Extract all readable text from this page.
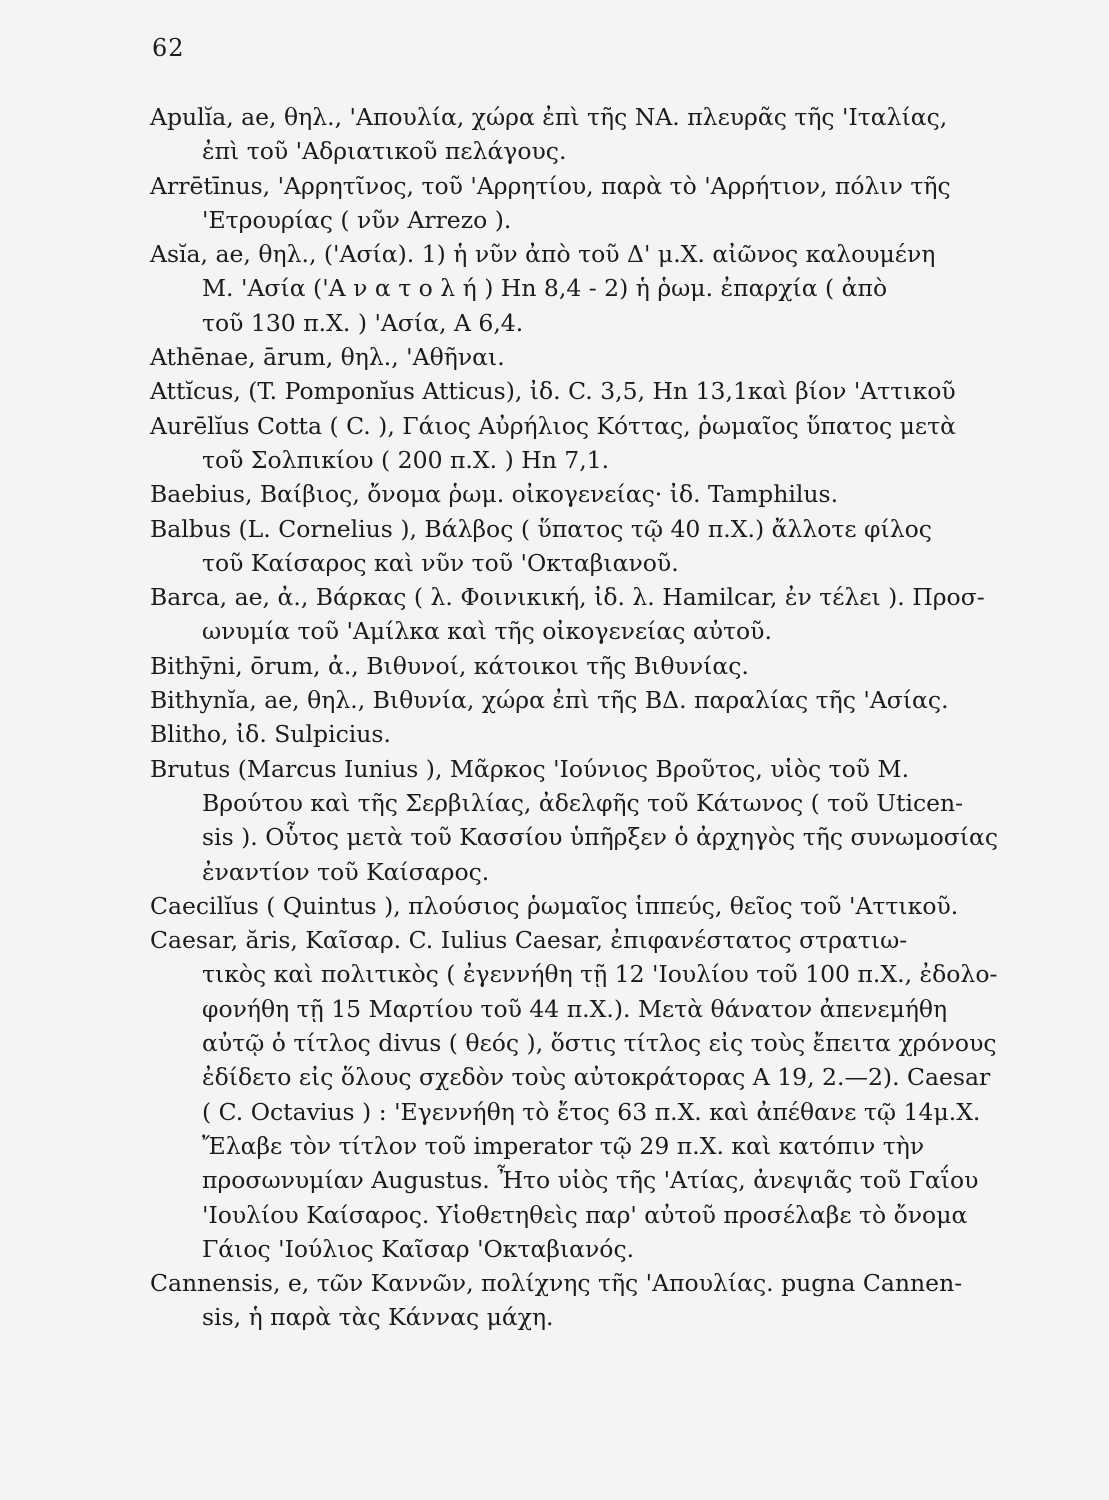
62
Apulĭa, ae, θηλ., 'Απουλία, χώρα ἐπὶ τῆς ΝΑ. πλευρᾶς τῆς 'Ιταλίας,
ἐπὶ τοῦ 'Αδριατικοῦ πελάγους.
Arrētīnus, 'Αρρητῖνος, τοῦ 'Αρρητίου, παρὰ τὸ 'Αρρήτιον, πόλιν τῆς
'Ετρουρίας ( νῦν Arrezo ).
Asĭa, ae, θηλ., ('Ασία). 1) ἡ νῦν ἀπὸ τοῦ Δ' μ.Χ. αἰῶνος καλουμένη
Μ. 'Ασία ('Α ν α τ ο λ ή ) Hn 8,4 - 2) ἡ ῥωμ. ἐπαρχία ( ἀπὸ
τοῦ 130 π.Χ. ) 'Ασία, A 6,4.
Athēnae, ārum, θηλ., 'Αθῆναι.
Attĭcus, (T. Pomponĭus Atticus), ἰδ. C. 3,5, Hn 13,1καὶ βίον 'Αττικοῦ
Aurēlĭus Cotta ( C. ), Γάιος Αὐρήλιος Κόττας, ῥωμαῖος ὕπατος μετὰ
τοῦ Σολπικίου ( 200 π.Χ. ) Hn 7,1.
Baebius, Βαίβιος, ὄνομα ῥωμ. οἰκογενείας· ἰδ. Tamphilus.
Balbus (L. Cornelius ), Βάλβος ( ὕπατος τῷ 40 π.Χ.) ἄλλοτε φίλος
τοῦ Καίσαρος καὶ νῦν τοῦ 'Οκταβιανοῦ.
Barca, ae, ἀ., Βάρκας ( λ. Φοινικική, ἰδ. λ. Hamilcar, ἐν τέλει ). Προσ-
ωνυμία τοῦ 'Αμίλκα καὶ τῆς οἰκογενείας αὐτοῦ.
Bithȳni, ōrum, ἀ., Βιθυνοί, κάτοικοι τῆς Βιθυνίας.
Bithynĭa, ae, θηλ., Βιθυνία, χώρα ἐπὶ τῆς ΒΔ. παραλίας τῆς 'Ασίας.
Blitho, ἰδ. Sulpicius.
Brutus (Marcus Iunius ), Μᾶρκος 'Ιούνιος Βροῦτος, υἱὸς τοῦ Μ.
Βρούτου καὶ τῆς Σερβιλίας, ἀδελφῆς τοῦ Κάτωνος ( τοῦ Uticen-
sis ). Οὗτος μετὰ τοῦ Κασσίου ὑπῆρξεν ὁ ἀρχηγὸς τῆς συνωμοσίας
ἐναντίον τοῦ Καίσαρος.
Caecilĭus ( Quintus ), πλούσιος ῥωμαῖος ἱππεύς, θεῖος τοῦ 'Αττικοῦ.
Caesar, ăris, Καῖσαρ. C. Iulius Caesar, ἐπιφανέστατος στρατιω-
τικὸς καὶ πολιτικὸς ( ἐγεννήθη τῇ 12 'Ιουλίου τοῦ 100 π.Χ., ἐδολο-
φονήθη τῇ 15 Μαρτίου τοῦ 44 π.Χ.). Μετὰ θάνατον ἀπενεμήθη
αὐτῷ ὁ τίτλος divus ( θεός ), ὅστις τίτλος εἰς τοὺς ἔπειτα χρόνους
ἐδίδετο εἰς ὅλους σχεδὸν τοὺς αὐτοκράτορας A 19, 2.—2). Caesar
( C. Octavius ) : 'Εγεννήθη τὸ ἔτος 63 π.Χ. καὶ ἀπέθανε τῷ 14μ.Χ.
Ἔλαβε τὸν τίτλον τοῦ imperator τῷ 29 π.Χ. καὶ κατόπιν τὴν
προσωνυμίαν Augustus. Ἦτο υἱὸς τῆς 'Ατίας, ἀνεψιᾶς τοῦ Γαΐου
'Ιουλίου Καίσαρος. Υἱοθετηθεὶς παρ' αὐτοῦ προσέλαβε τὸ ὄνομα
Γάιος 'Ιούλιος Καῖσαρ 'Οκταβιανός.
Cannensis, e, τῶν Καννῶν, πολίχνης τῆς 'Απουλίας. pugna Cannen-
sis, ἡ παρὰ τὰς Κάννας μάχη.
